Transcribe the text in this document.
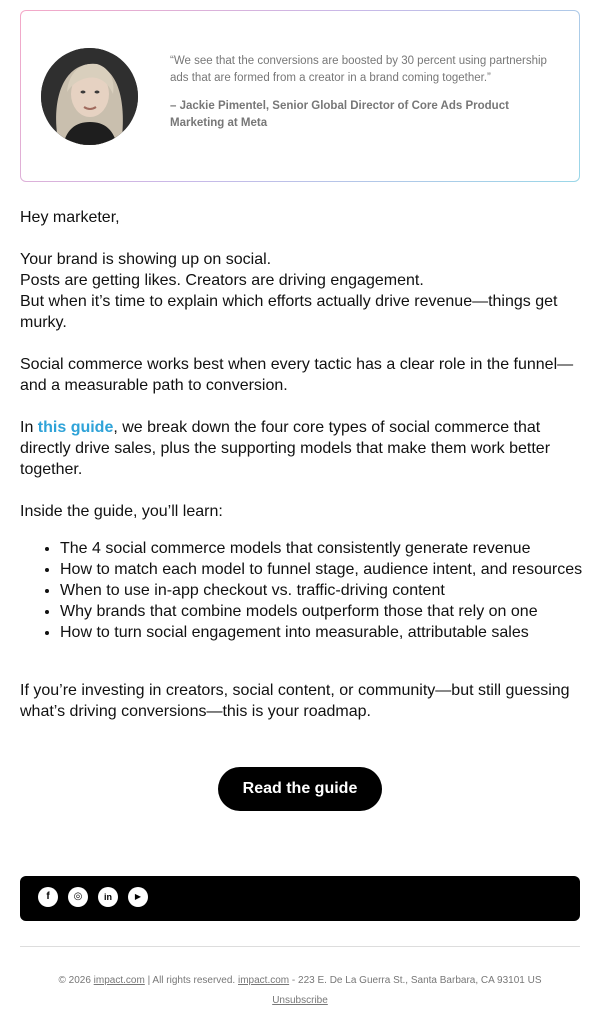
“We see that the conversions are boosted by 30 percent using partnership ads that are formed from a creator in a brand coming together.”
– Jackie Pimentel, Senior Global Director of Core Ads Product Marketing at Meta

Hey marketer,

Your brand is showing up on social.

Posts are getting likes. Creators are driving engagement.

But when it’s time to explain which efforts actually drive revenue—things get murky.

Social commerce works best when every tactic has a clear role in the funnel—and a measurable path to conversion.

In this guide, we break down the four core types of social commerce that directly drive sales, plus the supporting models that make them work better together.

Inside the guide, you’ll learn:

• The 4 social commerce models that consistently generate revenue
• How to match each model to funnel stage, audience intent, and resources
• When to use in-app checkout vs. traffic-driving content
• Why brands that combine models outperform those that rely on one
• How to turn social engagement into measurable, attributable sales

If you’re investing in creators, social content, or community—but still guessing what’s driving conversions—this is your roadmap.

Read the guide
f	◎	in	▶
© 2026 impact.com | All rights reserved. impact.com - 223 E. De La Guerra St., Santa Barbara, CA 93101 US
Unsubscribe
